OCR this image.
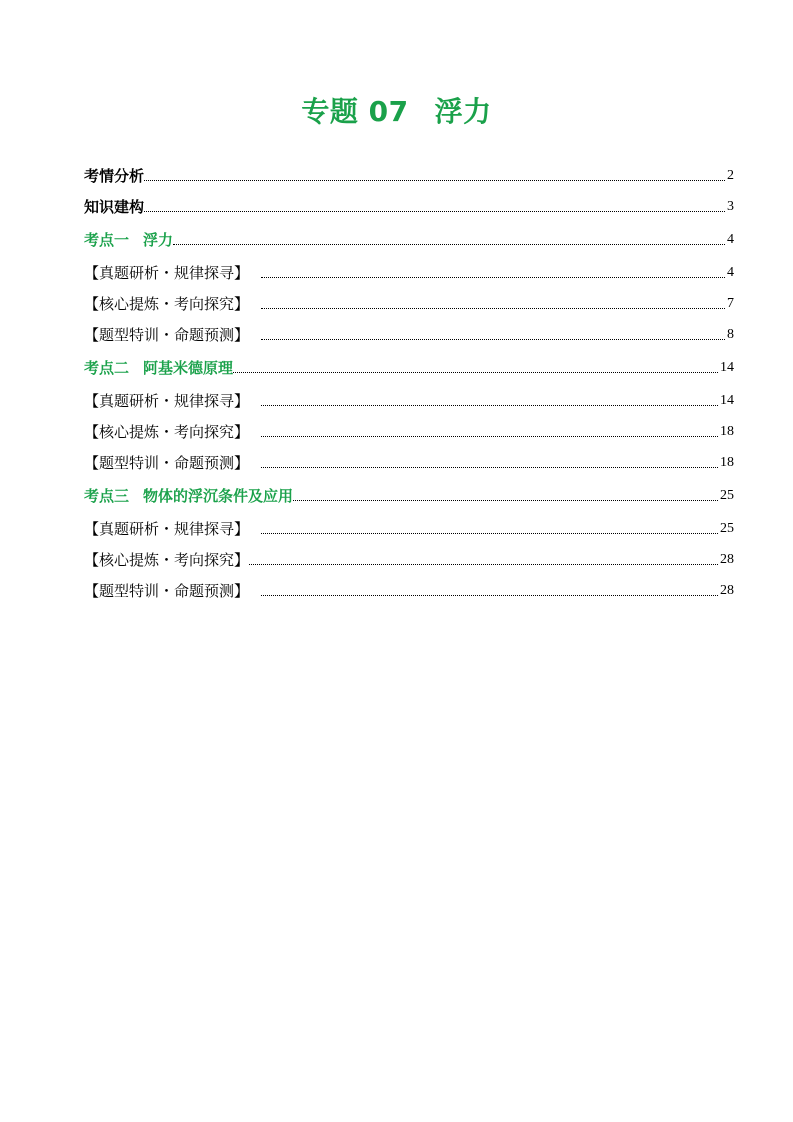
专题 07 浮力
考情分析	2
知识建构	3
考点一 浮力	4
【真题研析・规律探寻】	4
【核心提炼・考向探究】	7
【题型特训・命题预测】	8
考点二 阿基米德原理	14
【真题研析・规律探寻】	14
【核心提炼・考向探究】	18
【题型特训・命题预测】	18
考点三 物体的浮沉条件及应用	25
【真题研析・规律探寻】	25
【核心提炼・考向探究】	28
【题型特训・命题预测】	28
